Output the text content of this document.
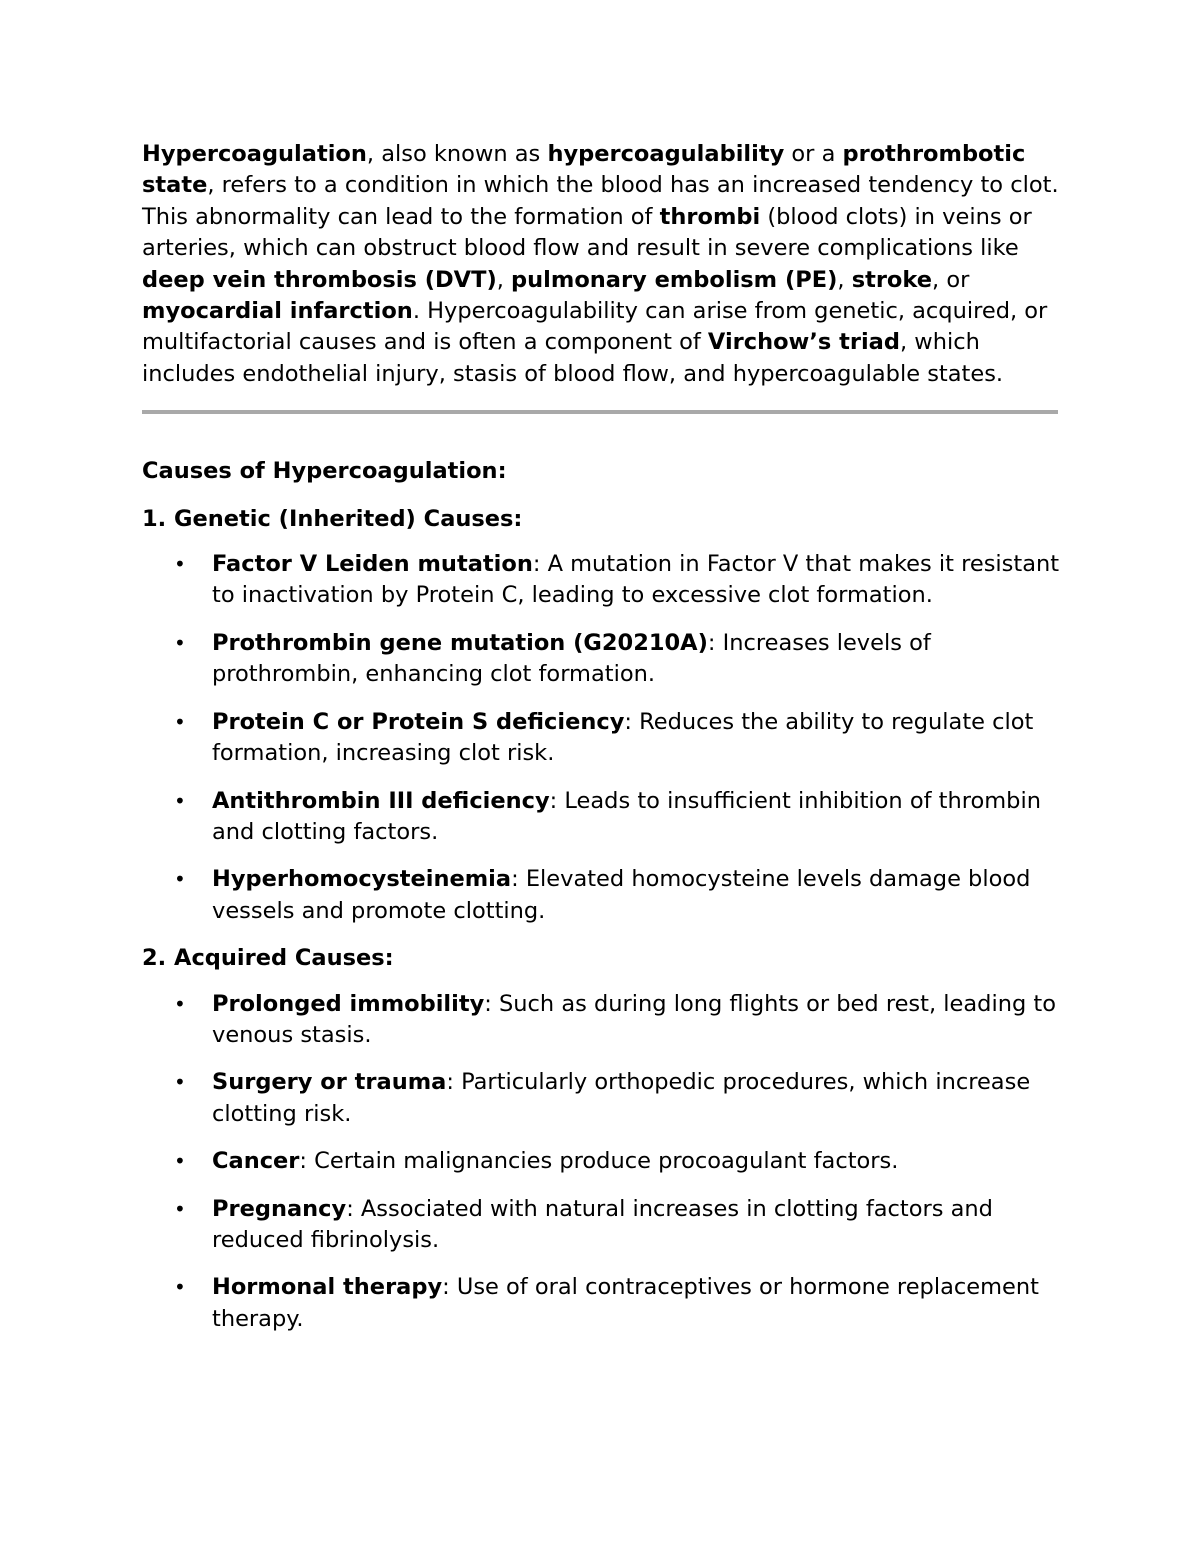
Hypercoagulation, also known as hypercoagulability or a prothrombotic state, refers to a condition in which the blood has an increased tendency to clot. This abnormality can lead to the formation of thrombi (blood clots) in veins or arteries, which can obstruct blood flow and result in severe complications like deep vein thrombosis (DVT), pulmonary embolism (PE), stroke, or myocardial infarction. Hypercoagulability can arise from genetic, acquired, or multifactorial causes and is often a component of Virchow’s triad, which includes endothelial injury, stasis of blood flow, and hypercoagulable states.

Causes of Hypercoagulation:

1. Genetic (Inherited) Causes:

• Factor V Leiden mutation: A mutation in Factor V that makes it resistant to inactivation by Protein C, leading to excessive clot formation.
• Prothrombin gene mutation (G20210A): Increases levels of prothrombin, enhancing clot formation.
• Protein C or Protein S deficiency: Reduces the ability to regulate clot formation, increasing clot risk.
• Antithrombin III deficiency: Leads to insufficient inhibition of thrombin and clotting factors.
• Hyperhomocysteinemia: Elevated homocysteine levels damage blood vessels and promote clotting.

2. Acquired Causes:

• Prolonged immobility: Such as during long flights or bed rest, leading to venous stasis.
• Surgery or trauma: Particularly orthopedic procedures, which increase clotting risk.
• Cancer: Certain malignancies produce procoagulant factors.
• Pregnancy: Associated with natural increases in clotting factors and reduced fibrinolysis.
• Hormonal therapy: Use of oral contraceptives or hormone replacement therapy.
